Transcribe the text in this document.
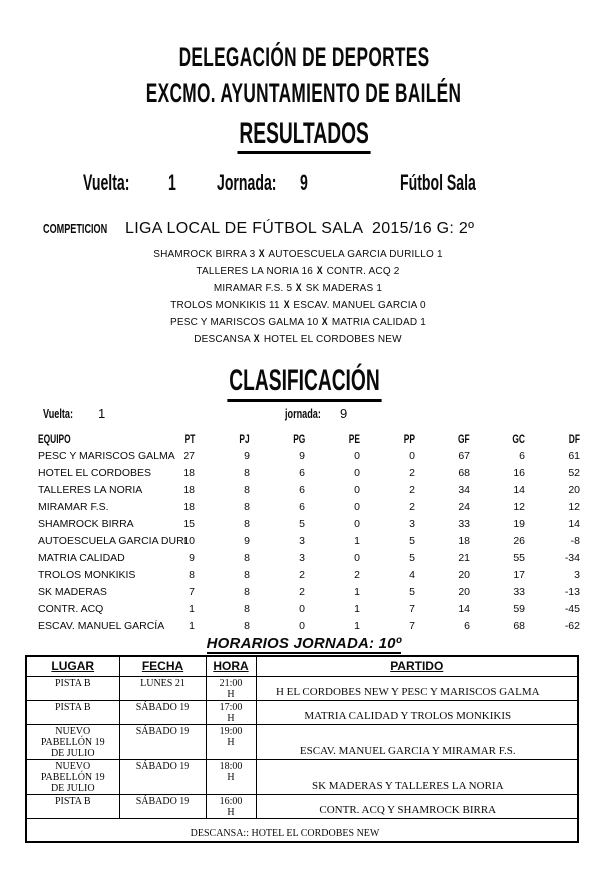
DELEGACIÓN DE DEPORTES
EXCMO. AYUNTAMIENTO DE BAILÉN
RESULTADOS
Vuelta: 1 Jornada: 9	Fútbol Sala
COMPETICION	LIGA LOCAL DE FÚTBOL SALA  2015/16 G: 2º
SHAMROCK BIRRA 3 X AUTOESCUELA GARCIA DURILLO 1
TALLERES LA NORIA 16 X CONTR. ACQ 2
MIRAMAR F.S. 5 X SK MADERAS 1
TROLOS MONKIKIS 11 X ESCAV. MANUEL GARCIA 0
PESC Y MARISCOS GALMA 10 X MATRIA CALIDAD 1
DESCANSA X HOTEL EL CORDOBES NEW
CLASIFICACIÓN
Vuelta: 1	jornada: 9
EQUIPO	PT	PJ	PG	PE	PP	GF	GC	DF
PESC Y MARISCOS GALMA	27	9	9	0	0	67	6	61
HOTEL EL CORDOBES	18	8	6	0	2	68	16	52
TALLERES LA NORIA	18	8	6	0	2	34	14	20
MIRAMAR F.S.	18	8	6	0	2	24	12	12
SHAMROCK BIRRA	15	8	5	0	3	33	19	14
AUTOESCUELA GARCIA DURI	10	9	3	1	5	18	26	-8
MATRIA CALIDAD	9	8	3	0	5	21	55	-34
TROLOS MONKIKIS	8	8	2	2	4	20	17	3
SK MADERAS	7	8	2	1	5	20	33	-13
CONTR. ACQ	1	8	0	1	7	14	59	-45
ESCAV. MANUEL GARCÍA	1	8	0	1	7	6	68	-62
HORARIOS JORNADA: 10º
LUGAR	FECHA	HORA	PARTIDO
PISTA B	LUNES 21	21:00 H	H EL CORDOBES NEW Y PESC Y MARISCOS GALMA
PISTA B	SÁBADO 19	17:00 H	MATRIA CALIDAD Y TROLOS MONKIKIS
NUEVO PABELLÓN 19 DE JULIO	SÁBADO 19	19:00 H	ESCAV. MANUEL GARCIA Y MIRAMAR F.S.
NUEVO PABELLÓN 19 DE JULIO	SÁBADO 19	18:00 H	SK MADERAS Y TALLERES LA NORIA
PISTA B	SÁBADO 19	16:00 H	CONTR. ACQ Y SHAMROCK BIRRA
DESCANSA:: HOTEL EL CORDOBES NEW			
